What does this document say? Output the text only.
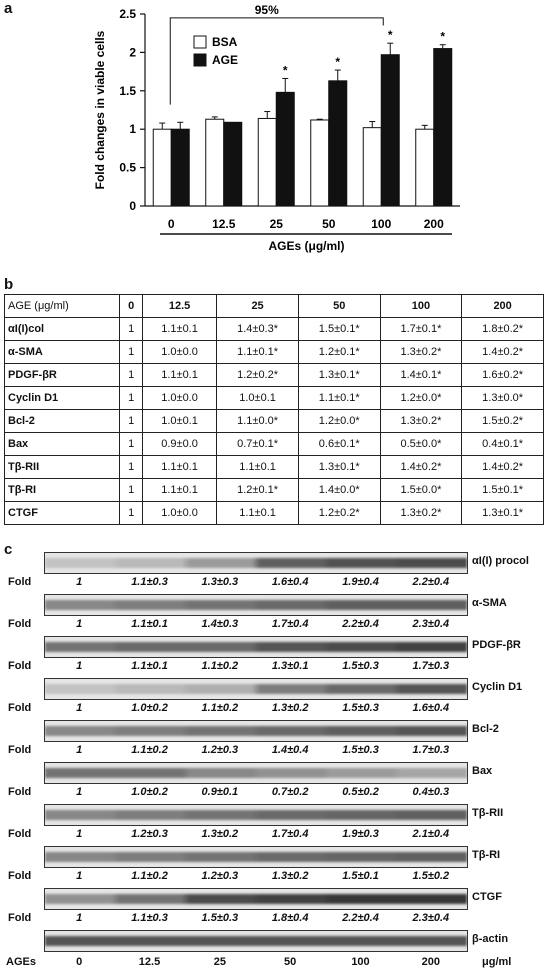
a
b
c
0
0.5
1
1.5
2
2.5
Fold changes in viable cells
0	12.5
*
25
*
50
*
100
*
200
AGEs (μg/ml)
95%
BSA
AGE
AGE (μg/ml)	0	12.5	25	50	100	200
αI(I)col	1	1.1±0.1	1.4±0.3*	1.5±0.1*	1.7±0.1*	1.8±0.2*
α-SMA	1	1.0±0.0	1.1±0.1*	1.2±0.1*	1.3±0.2*	1.4±0.2*
PDGF-βR	1	1.1±0.1	1.2±0.2*	1.3±0.1*	1.4±0.1*	1.6±0.2*
Cyclin D1	1	1.0±0.0	1.0±0.1	1.1±0.1*	1.2±0.0*	1.3±0.0*
Bcl-2	1	1.0±0.1	1.1±0.0*	1.2±0.0*	1.3±0.2*	1.5±0.2*
Bax	1	0.9±0.0	0.7±0.1*	0.6±0.1*	0.5±0.0*	0.4±0.1*
Tβ-RII	1	1.1±0.1	1.1±0.1	1.3±0.1*	1.4±0.2*	1.4±0.2*
Tβ-RI	1	1.1±0.1	1.2±0.1*	1.4±0.0*	1.5±0.0*	1.5±0.1*
CTGF	1	1.0±0.0	1.1±0.1	1.2±0.2*	1.3±0.2*	1.3±0.1*
αI(I) procol
Fold	1	1.1±0.3	1.3±0.3	1.6±0.4	1.9±0.4	2.2±0.4
α-SMA
Fold	1	1.1±0.1	1.4±0.3	1.7±0.4	2.2±0.4	2.3±0.4
PDGF-βR
Fold	1	1.1±0.1	1.1±0.2	1.3±0.1	1.5±0.3	1.7±0.3
Cyclin D1
Fold	1	1.0±0.2	1.1±0.2	1.3±0.2	1.5±0.3	1.6±0.4
Bcl-2
Fold	1	1.1±0.2	1.2±0.3	1.4±0.4	1.5±0.3	1.7±0.3
Bax
Fold	1	1.0±0.2	0.9±0.1	0.7±0.2	0.5±0.2	0.4±0.3
Tβ-RII
Fold	1	1.2±0.3	1.3±0.2	1.7±0.4	1.9±0.3	2.1±0.4
Tβ-RI
Fold	1	1.1±0.2	1.2±0.3	1.3±0.2	1.5±0.1	1.5±0.2
CTGF
Fold	1	1.1±0.3	1.5±0.3	1.8±0.4	2.2±0.4	2.3±0.4
β-actin
AGEs	0	12.5	25	50	100	200	μg/ml
